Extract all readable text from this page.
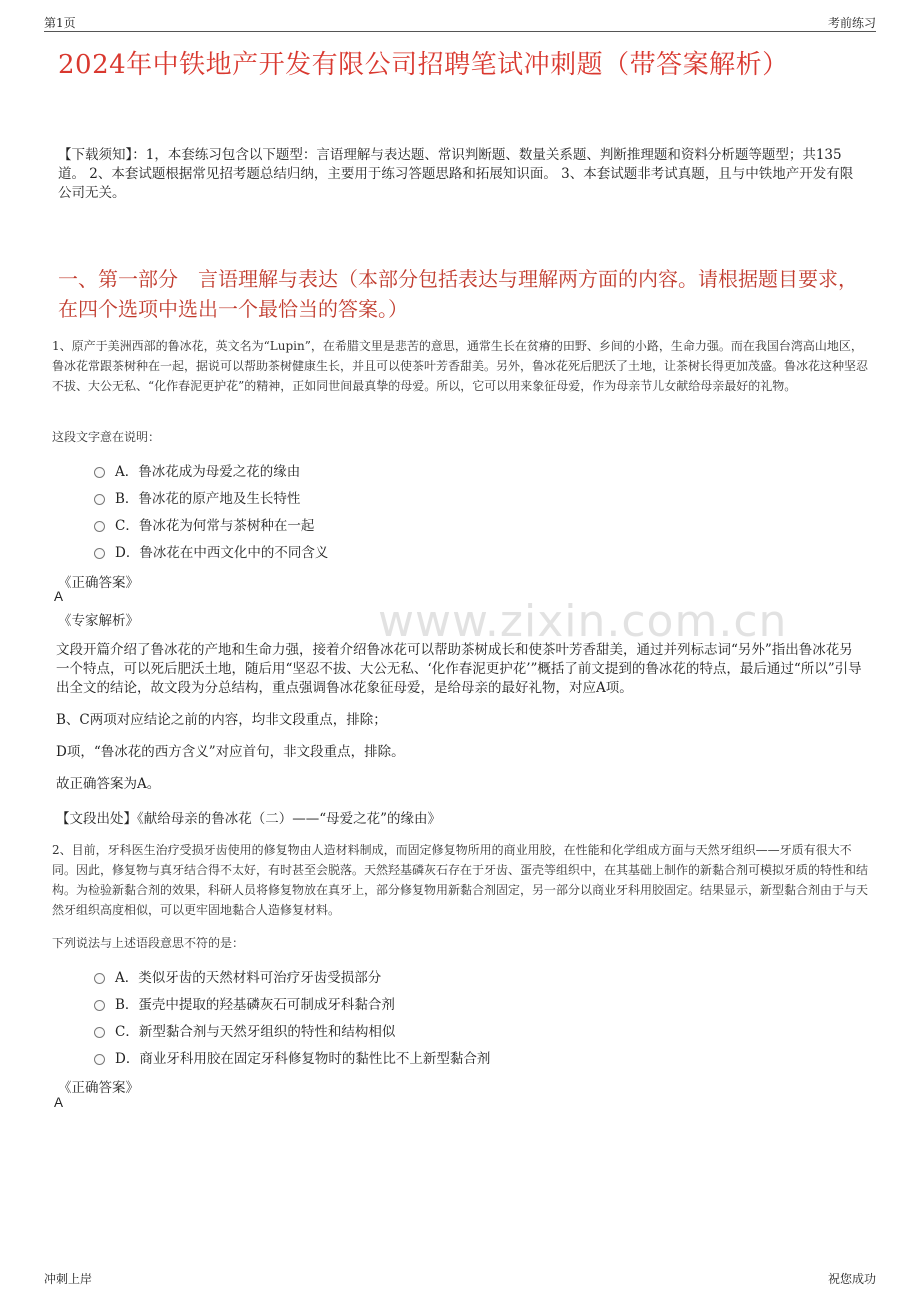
第1页	考前练习
2024年中铁地产开发有限公司招聘笔试冲刺题（带答案解析）
【下载须知】：1，本套练习包含以下题型：言语理解与表达题、常识判断题、数量关系题、判断推理题和资料分析题等题型；共135道。 2、本套试题根据常见招考题总结归纳，主要用于练习答题思路和拓展知识面。 3、本套试题非考试真题，且与中铁地产开发有限公司无关。
一、第一部分　言语理解与表达（本部分包括表达与理解两方面的内容。请根据题目要求，在四个选项中选出一个最恰当的答案。）
www.zixin.com.cn
1、原产于美洲西部的鲁冰花，英文名为“Lupin”，在希腊文里是悲苦的意思，通常生长在贫瘠的田野、乡间的小路，生命力强。而在我国台湾高山地区，鲁冰花常跟茶树种在一起，据说可以帮助茶树健康生长，并且可以使茶叶芳香甜美。另外，鲁冰花死后肥沃了土地，让茶树长得更加茂盛。鲁冰花这种坚忍不拔、大公无私、“化作春泥更护花”的精神，正如同世间最真挚的母爱。所以，它可以用来象征母爱，作为母亲节儿女献给母亲最好的礼物。
这段文字意在说明：
A．鲁冰花成为母爱之花的缘由
B．鲁冰花的原产地及生长特性
C．鲁冰花为何常与茶树种在一起
D．鲁冰花在中西文化中的不同含义
《正确答案》
A
《专家解析》
文段开篇介绍了鲁冰花的产地和生命力强，接着介绍鲁冰花可以帮助茶树成长和使茶叶芳香甜美，通过并列标志词“另外”指出鲁冰花另一个特点，可以死后肥沃土地，随后用“坚忍不拔、大公无私、‘化作春泥更护花’”概括了前文提到的鲁冰花的特点，最后通过“所以”引导出全文的结论，故文段为分总结构，重点强调鲁冰花象征母爱，是给母亲的最好礼物，对应A项。
B、C两项对应结论之前的内容，均非文段重点，排除；
D项，“鲁冰花的西方含义”对应首句，非文段重点，排除。
故正确答案为A。
【文段出处】《献给母亲的鲁冰花（二）——“母爱之花”的缘由》
2、目前，牙科医生治疗受损牙齿使用的修复物由人造材料制成，而固定修复物所用的商业用胶，在性能和化学组成方面与天然牙组织——牙质有很大不同。因此，修复物与真牙结合得不太好，有时甚至会脱落。天然羟基磷灰石存在于牙齿、蛋壳等组织中，在其基础上制作的新黏合剂可模拟牙质的特性和结构。为检验新黏合剂的效果，科研人员将修复物放在真牙上，部分修复物用新黏合剂固定，另一部分以商业牙科用胶固定。结果显示，新型黏合剂由于与天然牙组织高度相似，可以更牢固地黏合人造修复材料。
下列说法与上述语段意思不符的是：
A．类似牙齿的天然材料可治疗牙齿受损部分
B．蛋壳中提取的羟基磷灰石可制成牙科黏合剂
C．新型黏合剂与天然牙组织的特性和结构相似
D．商业牙科用胶在固定牙科修复物时的黏性比不上新型黏合剂
《正确答案》
A
冲刺上岸	祝您成功
